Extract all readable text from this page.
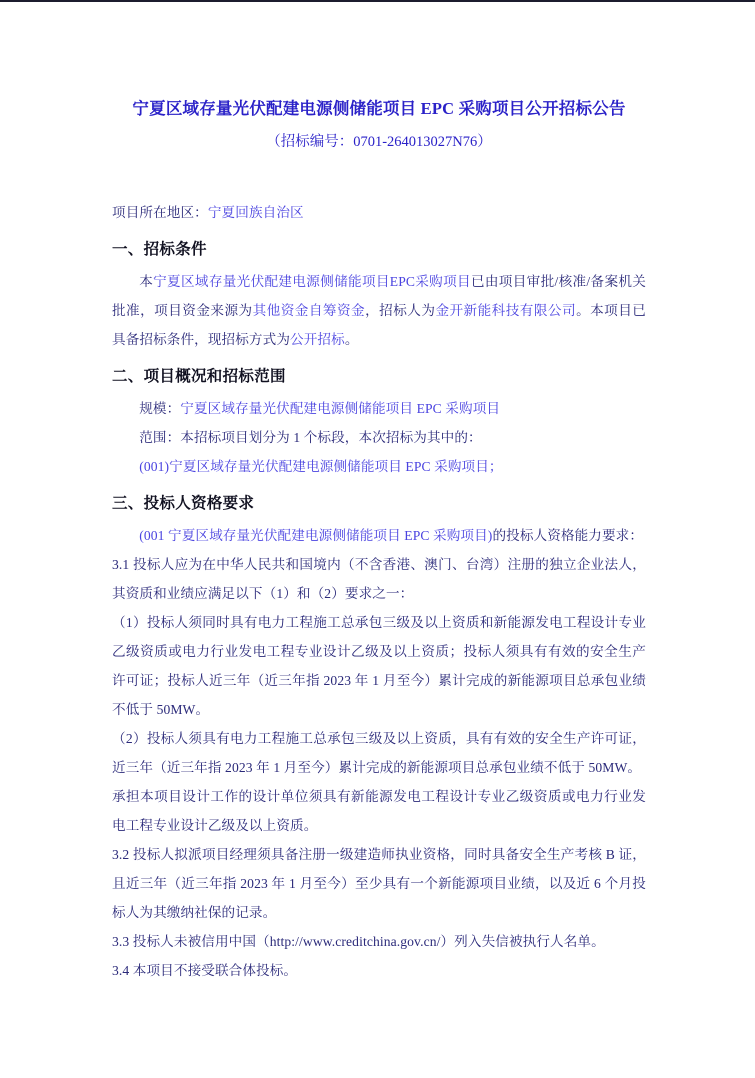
宁夏区域存量光伏配建电源侧储能项目 EPC 采购项目公开招标公告
（招标编号：0701-264013027N76）

项目所在地区：宁夏回族自治区

一、招标条件

本宁夏区域存量光伏配建电源侧储能项目EPC采购项目已由项目审批/核准/备案机关批准，项目资金来源为其他资金自筹资金，招标人为金开新能科技有限公司。本项目已具备招标条件，现招标方式为公开招标。

二、项目概况和招标范围

规模：宁夏区域存量光伏配建电源侧储能项目 EPC 采购项目

范围：本招标项目划分为 1 个标段，本次招标为其中的：

(001)宁夏区域存量光伏配建电源侧储能项目 EPC 采购项目；

三、投标人资格要求

(001 宁夏区域存量光伏配建电源侧储能项目 EPC 采购项目)的投标人资格能力要求：

3.1 投标人应为在中华人民共和国境内（不含香港、澳门、台湾）注册的独立企业法人，其资质和业绩应满足以下（1）和（2）要求之一：

（1）投标人须同时具有电力工程施工总承包三级及以上资质和新能源发电工程设计专业乙级资质或电力行业发电工程专业设计乙级及以上资质；投标人须具有有效的安全生产许可证；投标人近三年（近三年指 2023 年 1 月至今）累计完成的新能源项目总承包业绩不低于 50MW。

（2）投标人须具有电力工程施工总承包三级及以上资质，具有有效的安全生产许可证，近三年（近三年指 2023 年 1 月至今）累计完成的新能源项目总承包业绩不低于 50MW。

承担本项目设计工作的设计单位须具有新能源发电工程设计专业乙级资质或电力行业发电工程专业设计乙级及以上资质。

3.2 投标人拟派项目经理须具备注册一级建造师执业资格，同时具备安全生产考核 B 证，且近三年（近三年指 2023 年 1 月至今）至少具有一个新能源项目业绩，以及近 6 个月投标人为其缴纳社保的记录。

3.3 投标人未被信用中国（http://www.creditchina.gov.cn/）列入失信被执行人名单。

3.4 本项目不接受联合体投标。
